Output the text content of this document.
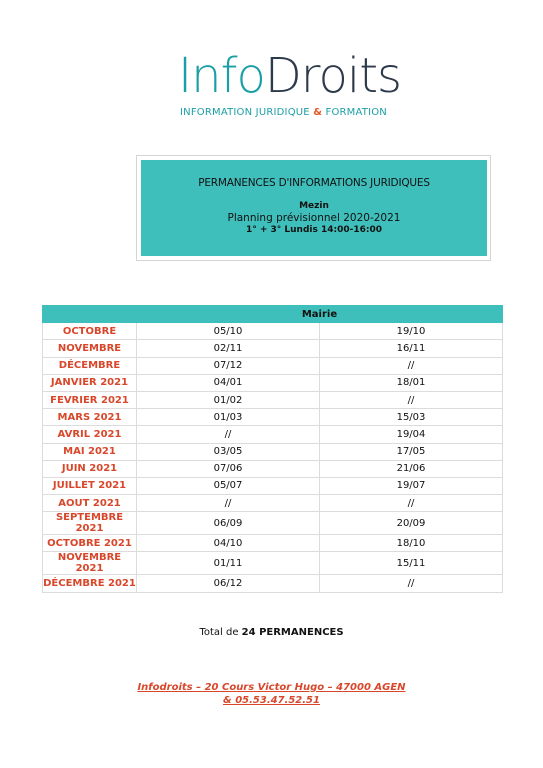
InfoDroits
INFORMATION JURIDIQUE & FORMATION
PERMANENCES D'INFORMATIONS JURIDIQUES
Mezin
Planning prévisionnel 2020-2021
1° + 3° Lundis 14:00-16:00
	Mairie	
OCTOBRE	05/10	19/10
NOVEMBRE	02/11	16/11
DÉCEMBRE	07/12	//
JANVIER 2021	04/01	18/01
FEVRIER 2021	01/02	//
MARS 2021	01/03	15/03
AVRIL 2021	//	19/04
MAI 2021	03/05	17/05
JUIN 2021	07/06	21/06
JUILLET 2021	05/07	19/07
AOUT 2021	//	//
SEPTEMBRE 2021	06/09	20/09
OCTOBRE 2021	04/10	18/10
NOVEMBRE 2021	01/11	15/11
DÉCEMBRE 2021	06/12	//
Total de 24 PERMANENCES
Infodroits – 20 Cours Victor Hugo – 47000 AGEN
& 05.53.47.52.51
